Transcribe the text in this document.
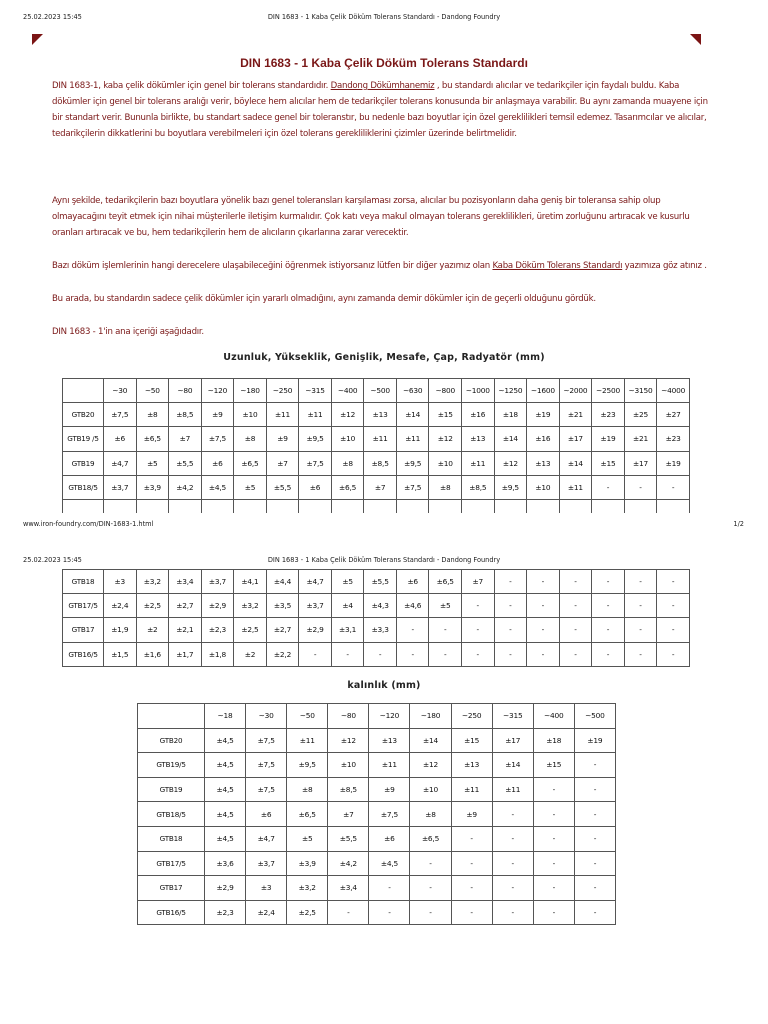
25.02.2023 15:45	DIN 1683 - 1 Kaba Çelik Döküm Tolerans Standardı - Dandong Foundry
DIN 1683 - 1 Kaba Çelik Döküm Tolerans Standardı

DIN 1683-1, kaba çelik dökümler için genel bir tolerans standardıdır. Dandong Dökümhanemiz , bu standardı alıcılar ve tedarikçiler için faydalı buldu. Kaba dökümler için genel bir tolerans aralığı verir, böylece hem alıcılar hem de tedarikçiler tolerans konusunda bir anlaşmaya varabilir. Bu aynı zamanda muayene için bir standart verir. Bununla birlikte, bu standart sadece genel bir toleranstır, bu nedenle bazı boyutlar için özel gereklilikleri temsil edemez. Tasarımcılar ve alıcılar, tedarikçilerin dikkatlerini bu boyutlara verebilmeleri için özel tolerans gerekliliklerini çizimler üzerinde belirtmelidir.

Aynı şekilde, tedarikçilerin bazı boyutlara yönelik bazı genel toleransları karşılaması zorsa, alıcılar bu pozisyonların daha geniş bir toleransa sahip olup olmayacağını teyit etmek için nihai müşterilerle iletişim kurmalıdır. Çok katı veya makul olmayan tolerans gereklilikleri, üretim zorluğunu artıracak ve kusurlu oranları artıracak ve bu, hem tedarikçilerin hem de alıcıların çıkarlarına zarar verecektir.

Bazı döküm işlemlerinin hangi derecelere ulaşabileceğini öğrenmek istiyorsanız lütfen bir diğer yazımız olan Kaba Döküm Tolerans Standardı yazımıza göz atınız .

Bu arada, bu standardın sadece çelik dökümler için yararlı olmadığını, aynı zamanda demir dökümler için de geçerli olduğunu gördük.

DIN 1683 - 1'in ana içeriği aşağıdadır.

Uzunluk, Yükseklik, Genişlik, Mesafe, Çap, Radyatör (mm)
	~30	~50	~80	~120	~180	~250	~315	~400	~500	~630	~800	~1000	~1250	~1600	~2000	~2500	~3150	~4000
GTB20	±7,5	±8	±8,5	±9	±10	±11	±11	±12	±13	±14	±15	±16	±18	±19	±21	±23	±25	±27
GTB19 /5	±6	±6,5	±7	±7,5	±8	±9	±9,5	±10	±11	±11	±12	±13	±14	±16	±17	±19	±21	±23
GTB19	±4,7	±5	±5,5	±6	±6,5	±7	±7,5	±8	±8,5	±9,5	±10	±11	±12	±13	±14	±15	±17	±19
GTB18/5	±3,7	±3,9	±4,2	±4,5	±5	±5,5	±6	±6,5	±7	±7,5	±8	±8,5	±9,5	±10	±11	-	-	-

www.iron-foundry.com/DIN-1683-1.html	1/2
25.02.2023 15:45	DIN 1683 - 1 Kaba Çelik Döküm Tolerans Standardı - Dandong Foundry
GTB18	±3	±3,2	±3,4	±3,7	±4,1	±4,4	±4,7	±5	±5,5	±6	±6,5	±7	-	-	-	-	-	-
GTB17/5	±2,4	±2,5	±2,7	±2,9	±3,2	±3,5	±3,7	±4	±4,3	±4,6	±5	-	-	-	-	-	-	-
GTB17	±1,9	±2	±2,1	±2,3	±2,5	±2,7	±2,9	±3,1	±3,3	-	-	-	-	-	-	-	-	-
GTB16/5	±1,5	±1,6	±1,7	±1,8	±2	±2,2	-	-	-	-	-	-	-	-	-	-	-	-
kalınlık (mm)
	~18	~30	~50	~80	~120	~180	~250	~315	~400	~500
GTB20	±4,5	±7,5	±11	±12	±13	±14	±15	±17	±18	±19
GTB19/5	±4,5	±7,5	±9,5	±10	±11	±12	±13	±14	±15	-
GTB19	±4,5	±7,5	±8	±8,5	±9	±10	±11	±11	-	-
GTB18/5	±4,5	±6	±6,5	±7	±7,5	±8	±9	-	-	-
GTB18	±4,5	±4,7	±5	±5,5	±6	±6,5	-	-	-	-
GTB17/5	±3,6	±3,7	±3,9	±4,2	±4,5	-	-	-	-	-
GTB17	±2,9	±3	±3,2	±3,4	-	-	-	-	-	-
GTB16/5	±2,3	±2,4	±2,5	-	-	-	-	-	-	-
